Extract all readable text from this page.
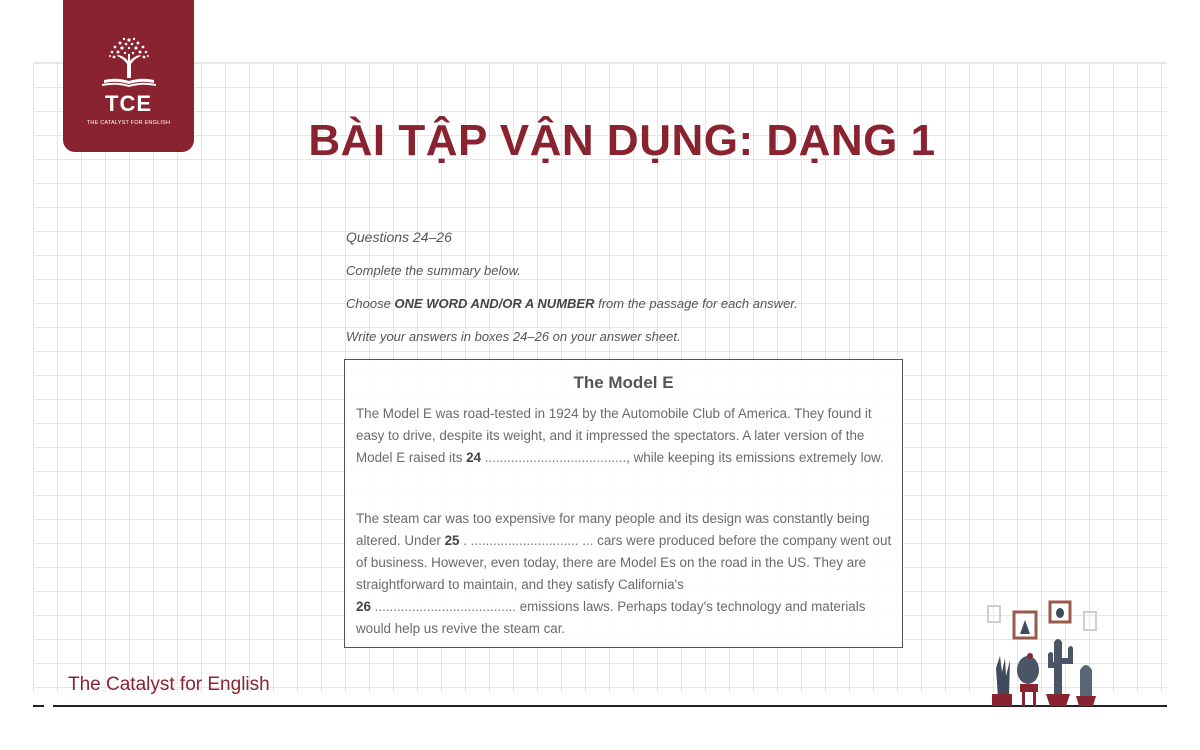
TCE
THE CATALYST FOR ENGLISH	BÀI TẬP VẬN DỤNG: DẠNG 1
Questions 24–26
Complete the summary below.
Choose ONE WORD AND/OR A NUMBER from the passage for each answer.
Write your answers in boxes 24–26 on your answer sheet.
The Model E
The Model E was road-tested in 1924 by the Automobile Club of America. They found it easy to drive, despite its weight, and it impressed the spectators. A later version of the Model E raised its 24 ......................................, while keeping its emissions extremely low.
The steam car was too expensive for many people and its design was constantly being altered. Under 25 . ............................. ... cars were produced before the company went out of business. However, even today, there are Model Es on the road in the US. They are straightforward to maintain, and they satisfy California's
26 ...................................... emissions laws. Perhaps today's technology and materials would help us revive the steam car.
The Catalyst for English
